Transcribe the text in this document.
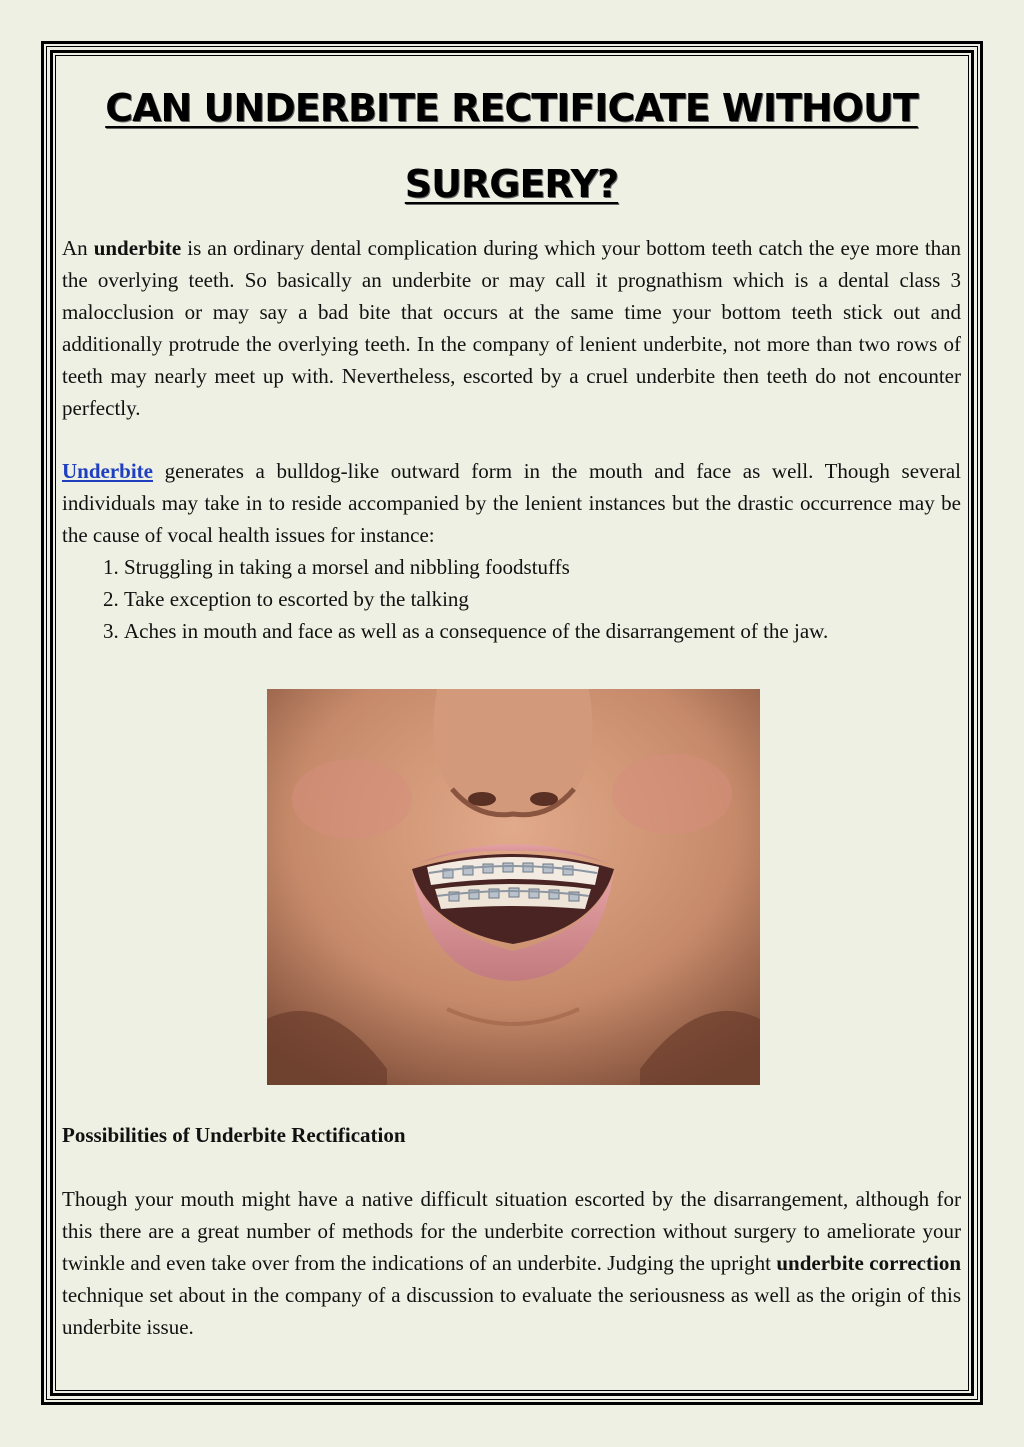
CAN UNDERBITE RECTIFICATE WITHOUT
SURGERY?

An underbite is an ordinary dental complication during which your bottom teeth catch the eye more than the overlying teeth. So basically an underbite or may call it prognathism which is a dental class 3 malocclusion or may say a bad bite that occurs at the same time your bottom teeth stick out and additionally protrude the overlying teeth. In the company of lenient underbite, not more than two rows of teeth may nearly meet up with. Nevertheless, escorted by a cruel underbite then teeth do not encounter perfectly.

Underbite generates a bulldog-like outward form in the mouth and face as well. Though several individuals may take in to reside accompanied by the lenient instances but the drastic occurrence may be the cause of vocal health issues for instance:

1. Struggling in taking a morsel and nibbling foodstuffs
2. Take exception to escorted by the talking
3. Aches in mouth and face as well as a consequence of the disarrangement of the jaw.
Possibilities of Underbite Rectification

Though your mouth might have a native difficult situation escorted by the disarrangement, although for this there are a great number of methods for the underbite correction without surgery to ameliorate your twinkle and even take over from the indications of an underbite. Judging the upright underbite correction technique set about in the company of a discussion to evaluate the seriousness as well as the origin of this underbite issue.
